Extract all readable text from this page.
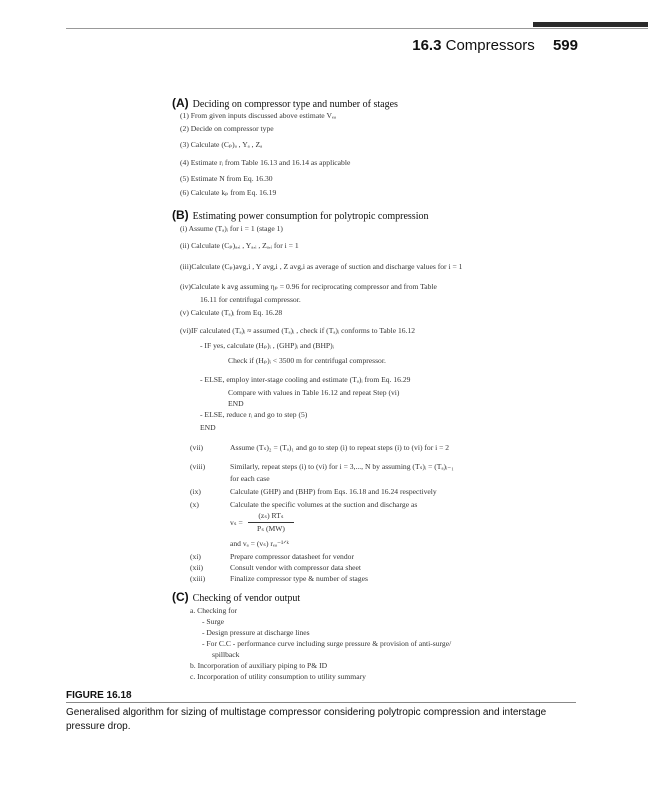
16.3 Compressors 599
(A) Deciding on compressor type and number of stages
(1) From given inputs discussed above estimate Vₑₐ
(2) Decide on compressor type
(3) Calculate (Cₚ)ₐ , Yₐ , Zₐ
(4) Estimate rᵢ from Table 16.13 and 16.14 as applicable
(5) Estimate N from Eq. 16.30
(6) Calculate kₚ from Eq. 16.19
(B) Estimating power consumption for polytropic compression
(i) Assume (Tₐ)ᵢ for i = 1 (stage 1)
(ii) Calculate (Cₚ)ₐ,ᵢ , Yₐ,ᵢ , Zₐ,ᵢ for i = 1
(iii)Calculate (Cₚ)avg,i , Y avg,i , Z avg,i as average of suction and discharge values for i = 1
(iv)Calculate k avg assuming ηₚ = 0.96 for reciprocating compressor and from Table
16.11 for centrifugal compressor.
(v) Calculate (Tₐ)ᵢ from Eq. 16.28
(vi)IF calculated (Tₐ)ᵢ ≈ assumed (Tₐ)ᵢ , check if (Tₐ)ᵢ conforms to Table 16.12
- IF yes, calculate (Hₚ)ᵢ , (GHP)ᵢ and (BHP)ᵢ
Check if (Hₚ)ᵢ < 3500 m for centrifugal compressor.
- ELSE, employ inter-stage cooling and estimate (Tₐ)ᵢ from Eq. 16.29
Compare with values in Table 16.12 and repeat Step (vi)
END
- ELSE, reduce rᵢ and go to step (5)
END
(vii)	Assume (Tₛ)₂ = (Tₐ)₁ and go to step (i) to repeat steps (i) to (vi) for i = 2
(viii)	Similarly, repeat steps (i) to (vi) for i = 3,..., N by assuming (Tₛ)ᵢ = (Tₐ)ᵢ₋₁
for each case
(ix)	Calculate (GHP) and (BHP) from Eqs. 16.18 and 16.24 respectively
(x)	Calculate the specific volumes at the suction and discharge as
vₛ =
(zₛ) RTₛ
Pₛ (MW)
and vₐ = (vₛ) rₑₐ⁻¹ᐟᵏ
(xi)	Prepare compressor datasheet for vendor
(xii)	Consult vendor with compressor data sheet
(xiii)	Finalize compressor type & number of stages
(C) Checking of vendor output
a. Checking for
- Surge
- Design pressure at discharge lines
- For C.C - performance curve including surge pressure & provision of anti-surge/
spillback
b. Incorporation of auxiliary piping to P& ID
c. Incorporation of utility consumption to utility summary
FIGURE 16.18
Generalised algorithm for sizing of multistage compressor considering polytropic compression and interstage pressure drop.
